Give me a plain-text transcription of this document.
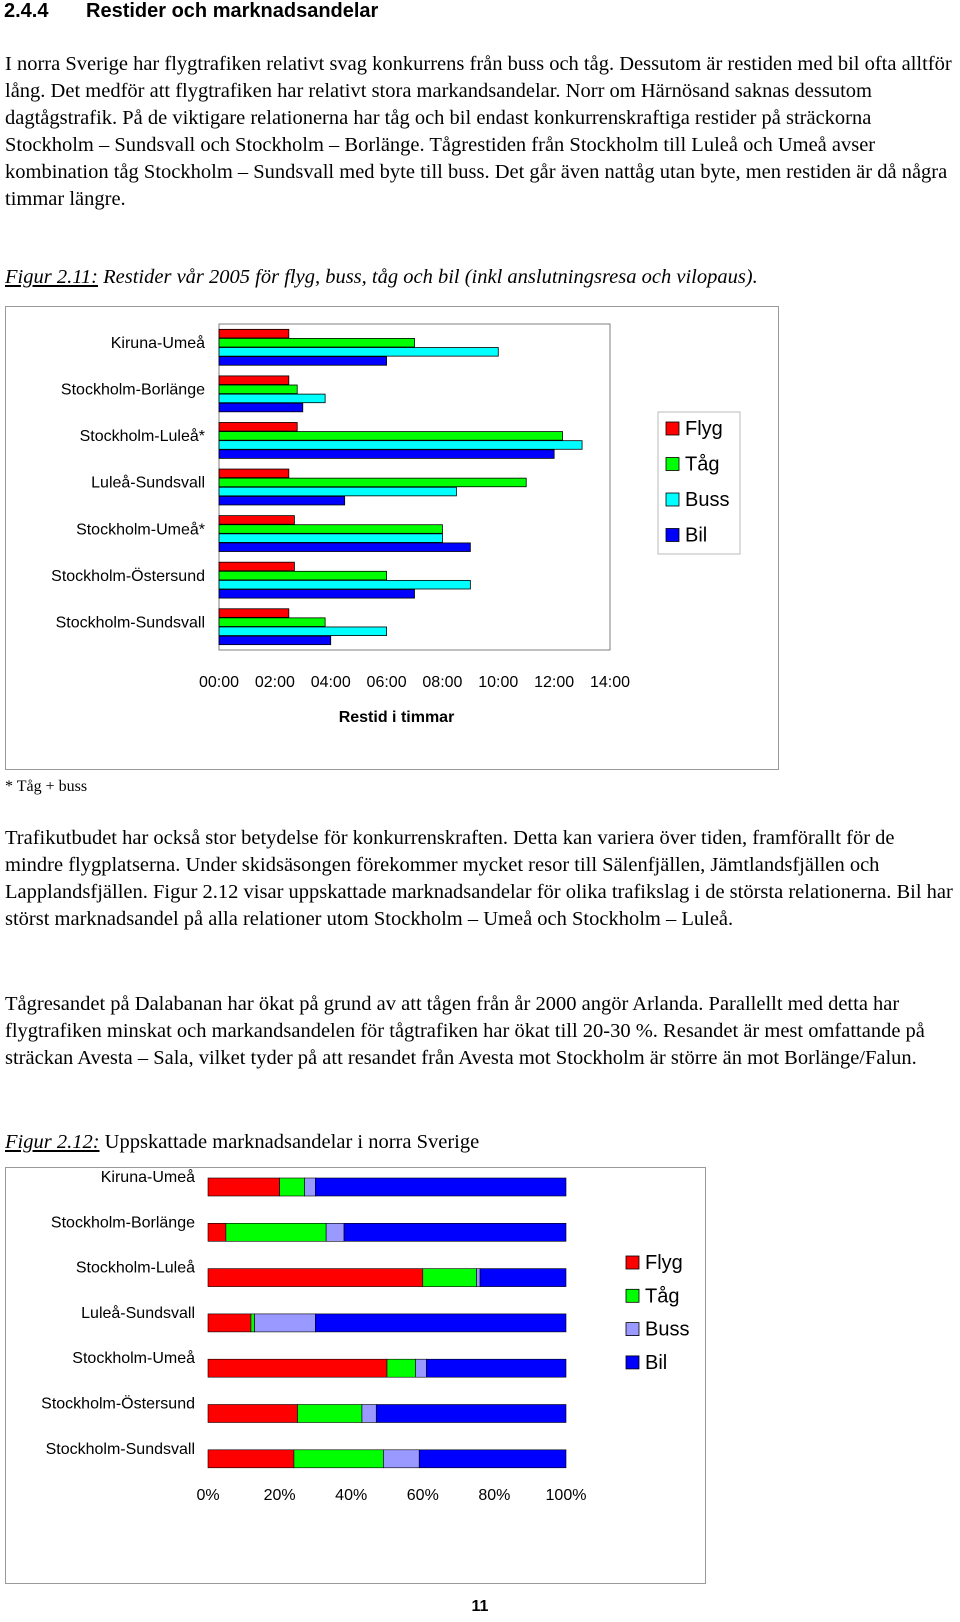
2.4.4 Restider och marknadsandelar

I norra Sverige har flygtrafiken relativt svag konkurrens från buss och tåg. Dessutom är restiden med bil ofta alltför lång. Det medför att flygtrafiken har relativt stora markandsandelar. Norr om Härnösand saknas dessutom dagtågstrafik. På de viktigare relationerna har tåg och bil endast konkurrenskraftiga restider på sträckorna Stockholm – Sundsvall och Stockholm – Borlänge. Tågrestiden från Stockholm till Luleå och Umeå avser kombination tåg Stockholm – Sundsvall med byte till buss. Det går även nattåg utan byte, men restiden är då några timmar längre.

Figur 2.11: Restider vår 2005 för flyg, buss, tåg och bil (inkl anslutningsresa och vilopaus).
Kiruna-Umeå
Stockholm-Borlänge
Stockholm-Luleå*
Luleå-Sundsvall
Stockholm-Umeå*
Stockholm-Östersund
Stockholm-Sundsvall
00:00 02:00 04:00 06:00 08:00 10:00 12:00 14:00
Restid i timmar
Flyg
Tåg
Buss
Bil
* Tåg + buss

Trafikutbudet har också stor betydelse för konkurrenskraften. Detta kan variera över tiden, framförallt för de mindre flygplatserna. Under skidsäsongen förekommer mycket resor till Sälenfjällen, Jämtlandsfjällen och Lapplandsfjällen. Figur 2.12 visar uppskattade marknadsandelar för olika trafikslag i de största relationerna. Bil har störst marknadsandel på alla relationer utom Stockholm – Umeå och Stockholm – Luleå.

Tågresandet på Dalabanan har ökat på grund av att tågen från år 2000 angör Arlanda. Parallellt med detta har flygtrafiken minskat och markandsandelen för tågtrafiken har ökat till 20-30 %. Resandet är mest omfattande på sträckan Avesta – Sala, vilket tyder på att resandet från Avesta mot Stockholm är större än mot Borlänge/Falun.

Figur 2.12: Uppskattade marknadsandelar i norra Sverige
Kiruna-Umeå
Stockholm-Borlänge
Stockholm-Luleå
Luleå-Sundsvall
Stockholm-Umeå
Stockholm-Östersund
Stockholm-Sundsvall
0%	20% 40% 60% 80% 100%
Flyg
Tåg
Buss
Bil
11
